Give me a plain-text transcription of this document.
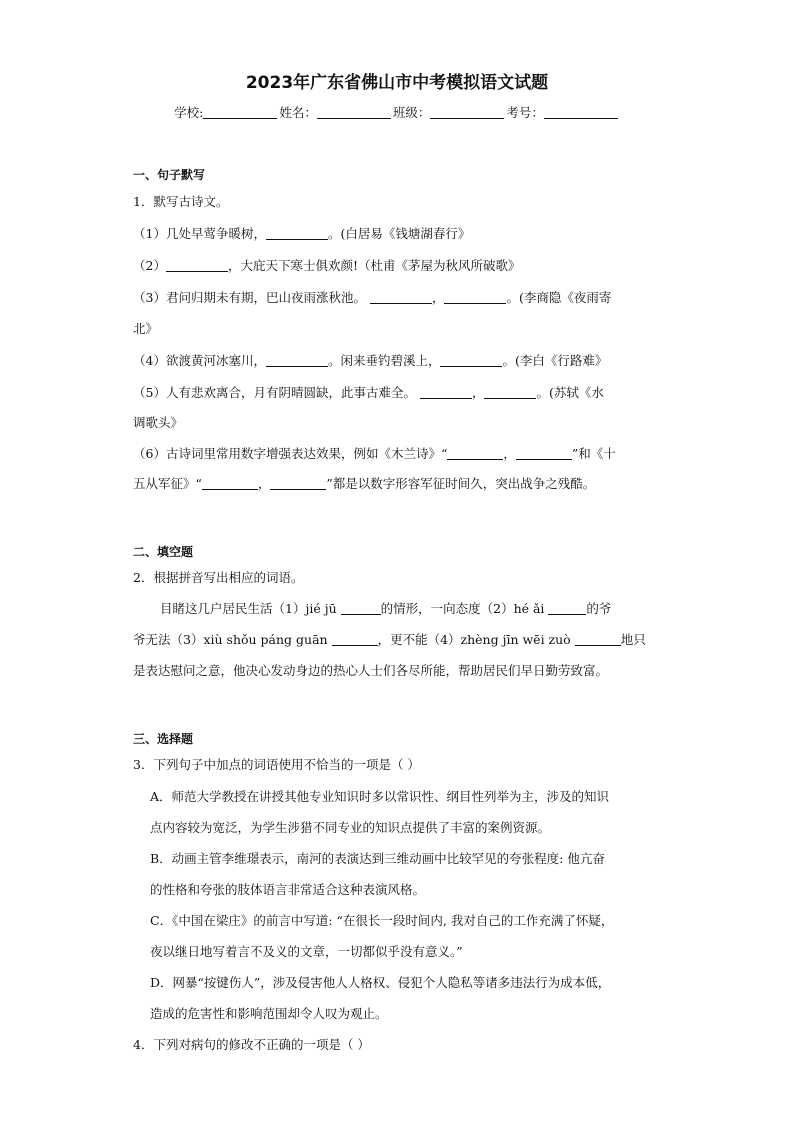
2023年广东省佛山市中考模拟语文试题
学校:	姓名：	班级：	考号：
一、句子默写
1．默写古诗文。
（1）几处早莺争暖树，	。(白居易《钱塘湖春行》
（2）	，大庇天下寒士俱欢颜!（杜甫《茅屋为秋风所破歌》
（3）君问归期未有期，巴山夜雨涨秋池。	，	。(李商隐《夜雨寄
北》
（4）欲渡黄河冰塞川，	。闲来垂钓碧溪上，	。(李白《行路难》
（5）人有悲欢离合，月有阴晴圆缺，此事古难全。	，	。(苏轼《水
调歌头》
（6）古诗词里常用数字增强表达效果，例如《木兰诗》“	，	”和《十
五从军征》“	，	”都是以数字形容军征时间久，突出战争之残酷。
二、填空题
2．根据拼音写出相应的词语。
目睹这几户居民生活（1）jié jū	的情形，一向态度（2）hé ǎi	的爷
爷无法（3）xiù shǒu páng guān	，更不能（4）zhèng jīn wēi zuò	地只
是表达慰问之意，他决心发动身边的热心人士们各尽所能，帮助居民们早日勤劳致富。
三、选择题
3．下列句子中加点的词语使用不恰当的一项是（ ）
A．师范大学教授在讲授其他专业知识时多以常识性、纲目性列举为主，涉及的知识
点内容较为宽泛，为学生涉猎不同专业的知识点提供了丰富的案例资源。
B．动画主管李维璟表示，南河的表演达到三维动画中比较罕见的夸张程度: 他亢奋
的性格和夸张的肢体语言非常适合这种表演风格。
C．《中国在梁庄》的前言中写道: “在很长一段时间内, 我对自己的工作充满了怀疑，
夜以继日地写着言不及义的文章，一切都似乎没有意义。”
D．网暴“按键伤人”，涉及侵害他人人格权、侵犯个人隐私等诸多违法行为成本低，
造成的危害性和影响范围却令人叹为观止。
4．下列对病句的修改不正确的一项是（ ）
